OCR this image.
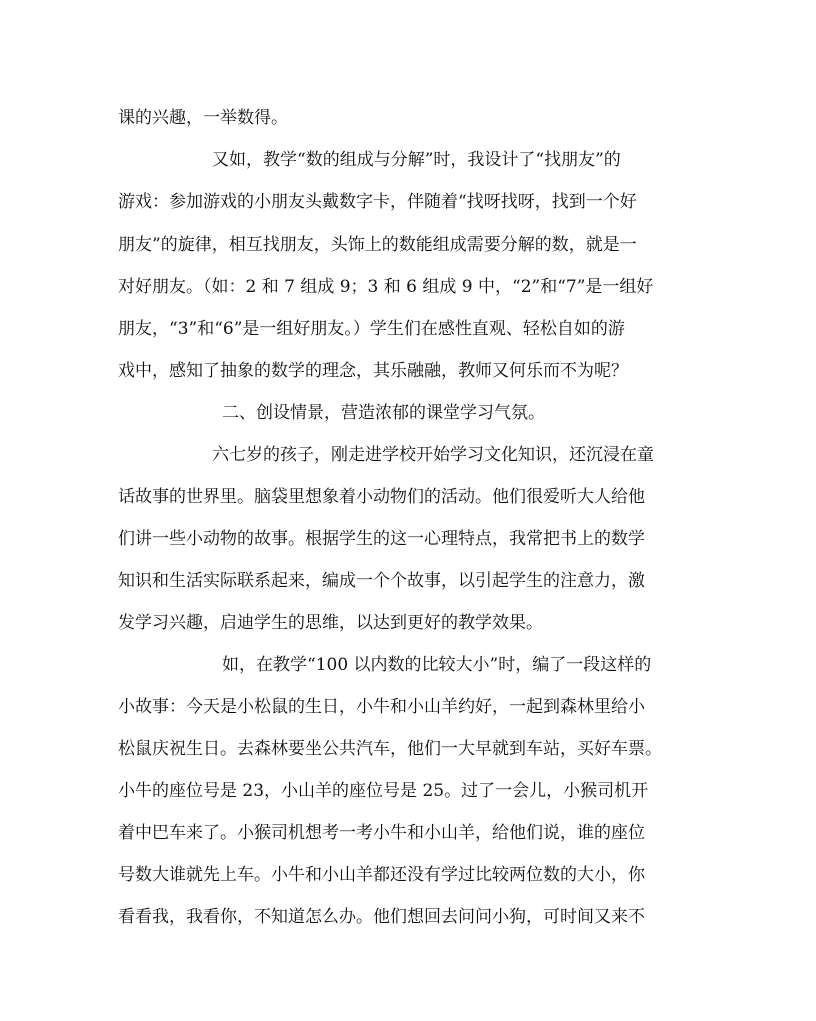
课的兴趣，一举数得。
又如，教学“数的组成与分解”时，我设计了“找朋友”的
游戏：参加游戏的小朋友头戴数字卡，伴随着“找呀找呀，找到一个好
朋友”的旋律，相互找朋友，头饰上的数能组成需要分解的数，就是一
对好朋友。（如：2 和 7 组成 9；3 和 6 组成 9 中，“2”和“7”是一组好
朋友，“3”和“6”是一组好朋友。）学生们在感性直观、轻松自如的游
戏中，感知了抽象的数学的理念，其乐融融，教师又何乐而不为呢？
二、创设情景，营造浓郁的课堂学习气氛。
六七岁的孩子，刚走进学校开始学习文化知识，还沉浸在童
话故事的世界里。脑袋里想象着小动物们的活动。他们很爱听大人给他
们讲一些小动物的故事。根据学生的这一心理特点，我常把书上的数学
知识和生活实际联系起来，编成一个个故事，以引起学生的注意力，激
发学习兴趣，启迪学生的思维，以达到更好的教学效果。
如，在教学“100 以内数的比较大小”时，编了一段这样的
小故事：今天是小松鼠的生日，小牛和小山羊约好，一起到森林里给小
松鼠庆祝生日。去森林要坐公共汽车，他们一大早就到车站，买好车票。
小牛的座位号是 23，小山羊的座位号是 25。过了一会儿，小猴司机开
着中巴车来了。小猴司机想考一考小牛和小山羊，给他们说，谁的座位
号数大谁就先上车。小牛和小山羊都还没有学过比较两位数的大小，你
看看我，我看你，不知道怎么办。他们想回去问问小狗，可时间又来不
